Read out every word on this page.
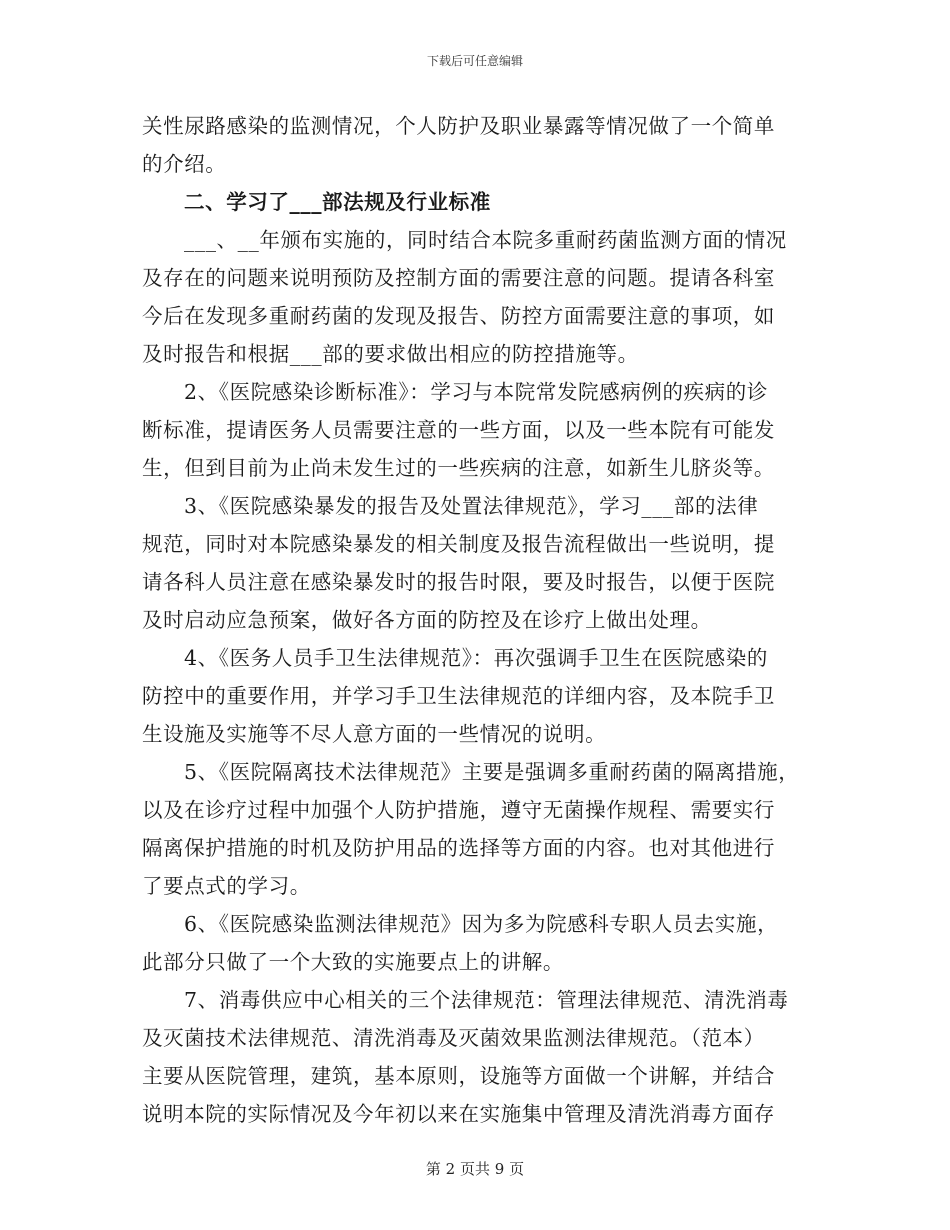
下载后可任意编辑
关性尿路感染的监测情况，个人防护及职业暴露等情况做了一个简单
的介绍。
二、学习了___部法规及行业标准
___、__年颁布实施的，同时结合本院多重耐药菌监测方面的情况
及存在的问题来说明预防及控制方面的需要注意的问题。提请各科室
今后在发现多重耐药菌的发现及报告、防控方面需要注意的事项，如
及时报告和根据___部的要求做出相应的防控措施等。
2、《医院感染诊断标准》：学习与本院常发院感病例的疾病的诊
断标准，提请医务人员需要注意的一些方面，以及一些本院有可能发
生，但到目前为止尚未发生过的一些疾病的注意，如新生儿脐炎等。
3、《医院感染暴发的报告及处置法律规范》，学习___部的法律
规范，同时对本院感染暴发的相关制度及报告流程做出一些说明，提
请各科人员注意在感染暴发时的报告时限，要及时报告，以便于医院
及时启动应急预案，做好各方面的防控及在诊疗上做出处理。
4、《医务人员手卫生法律规范》：再次强调手卫生在医院感染的
防控中的重要作用，并学习手卫生法律规范的详细内容，及本院手卫
生设施及实施等不尽人意方面的一些情况的说明。
5、《医院隔离技术法律规范》主要是强调多重耐药菌的隔离措施，
以及在诊疗过程中加强个人防护措施，遵守无菌操作规程、需要实行
隔离保护措施的时机及防护用品的选择等方面的内容。也对其他进行
了要点式的学习。
6、《医院感染监测法律规范》因为多为院感科专职人员去实施，
此部分只做了一个大致的实施要点上的讲解。
7、消毒供应中心相关的三个法律规范：管理法律规范、清洗消毒
及灭菌技术法律规范、清洗消毒及灭菌效果监测法律规范。（范本）
主要从医院管理，建筑，基本原则，设施等方面做一个讲解，并结合
说明本院的实际情况及今年初以来在实施集中管理及清洗消毒方面存
第 2 页共 9 页
